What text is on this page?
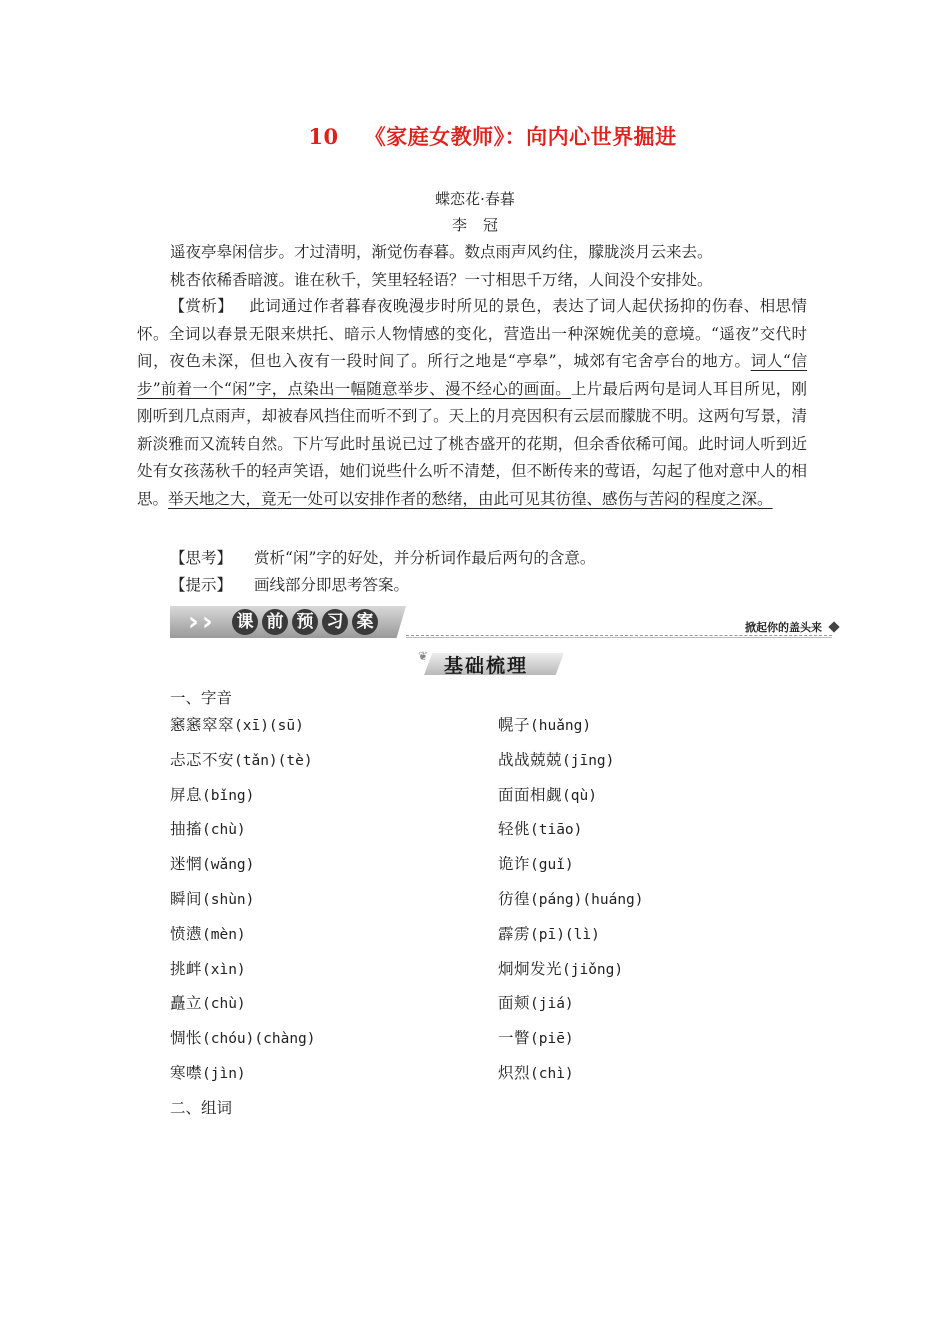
10 《家庭女教师》：向内心世界掘进
蝶恋花·春暮
李 冠
遥夜亭皋闲信步。才过清明，渐觉伤春暮。数点雨声风约住，朦胧淡月云来去。
桃杏依稀香暗渡。谁在秋千，笑里轻轻语？一寸相思千万绪，人间没个安排处。

【赏析】 此词通过作者暮春夜晚漫步时所见的景色，表达了词人起伏扬抑的伤春、相思情怀。全词以春景无限来烘托、暗示人物情感的变化，营造出一种深婉优美的意境。“遥夜”交代时间，夜色未深，但也入夜有一段时间了。所行之地是“亭皋”，城郊有宅舍亭台的地方。词人“信步”前着一个“闲”字，点染出一幅随意举步、漫不经心的画面。上片最后两句是词人耳目所见，刚刚听到几点雨声，却被春风挡住而听不到了。天上的月亮因积有云层而朦胧不明。这两句写景，清新淡雅而又流转自然。下片写此时虽说已过了桃杏盛开的花期，但余香依稀可闻。此时词人听到近处有女孩荡秋千的轻声笑语，她们说些什么听不清楚，但不断传来的莺语，勾起了他对意中人的相思。举天地之大，竟无一处可以安排作者的愁绪，由此可见其彷徨、感伤与苦闷的程度之深。

【思考】 赏析“闲”字的好处，并分析词作最后两句的含意。
【提示】 画线部分即思考答案。
› ›	课 前 预 习 案	掀起你的盖头来
❦ 基础梳理
一、字音
窸窸窣窣(xī)(sū)
忐忑不安(tǎn)(tè)
屏息(bǐng)
抽搐(chù)
迷惘(wǎng)
瞬间(shùn)
愤懑(mèn)
挑衅(xìn)
矗立(chù)
惆怅(chóu)(chàng)
寒噤(jìn)
幌子(huǎng)
战战兢兢(jīng)
面面相觑(qù)
轻佻(tiāo)
诡诈(guǐ)
彷徨(páng)(huáng)
霹雳(pī)(lì)
炯炯发光(jiǒng)
面颊(jiá)
一瞥(piē)
炽烈(chì)
二、组词
